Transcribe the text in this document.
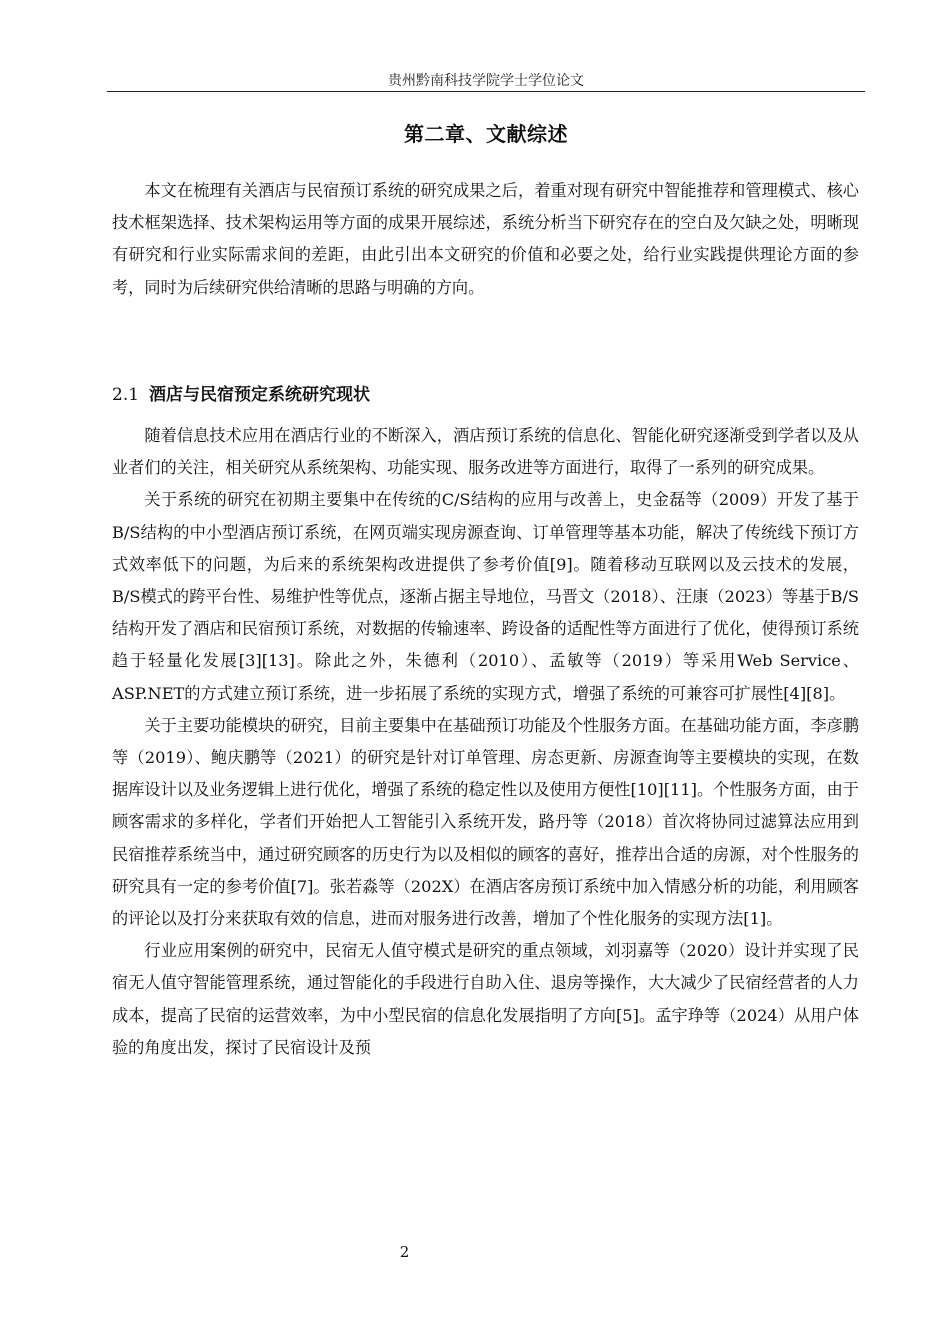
贵州黔南科技学院学士学位论文
第二章、文献综述

本文在梳理有关酒店与民宿预订系统的研究成果之后，着重对现有研究中智能推荐和管理模式、核心技术框架选择、技术架构运用等方面的成果开展综述，系统分析当下研究存在的空白及欠缺之处，明晰现有研究和行业实际需求间的差距，由此引出本文研究的价值和必要之处，给行业实践提供理论方面的参考，同时为后续研究供给清晰的思路与明确的方向。

2.1 酒店与民宿预定系统研究现状

随着信息技术应用在酒店行业的不断深入，酒店预订系统的信息化、智能化研究逐渐受到学者以及从业者们的关注，相关研究从系统架构、功能实现、服务改进等方面进行，取得了一系列的研究成果。

关于系统的研究在初期主要集中在传统的C/S结构的应用与改善上，史金磊等（2009）开发了基于B/S结构的中小型酒店预订系统，在网页端实现房源查询、订单管理等基本功能，解决了传统线下预订方式效率低下的问题，为后来的系统架构改进提供了参考价值[9]。随着移动互联网以及云技术的发展，B/S模式的跨平台性、易维护性等优点，逐渐占据主导地位，马晋文（2018）、汪康（2023）等基于B/S结构开发了酒店和民宿预订系统，对数据的传输速率、跨设备的适配性等方面进行了优化，使得预订系统趋于轻量化发展[3][13]。除此之外，朱德利（2010）、孟敏等（2019）等采用Web Service、ASP.NET的方式建立预订系统，进一步拓展了系统的实现方式，增强了系统的可兼容可扩展性[4][8]。

关于主要功能模块的研究，目前主要集中在基础预订功能及个性服务方面。在基础功能方面，李彦鹏等（2019）、鲍庆鹏等（2021）的研究是针对订单管理、房态更新、房源查询等主要模块的实现，在数据库设计以及业务逻辑上进行优化，增强了系统的稳定性以及使用方便性[10][11]。个性服务方面，由于顾客需求的多样化，学者们开始把人工智能引入系统开发，路丹等（2018）首次将协同过滤算法应用到民宿推荐系统当中，通过研究顾客的历史行为以及相似的顾客的喜好，推荐出合适的房源，对个性服务的研究具有一定的参考价值[7]。张若淼等（202X）在酒店客房预订系统中加入情感分析的功能，利用顾客的评论以及打分来获取有效的信息，进而对服务进行改善，增加了个性化服务的实现方法[1]。

行业应用案例的研究中，民宿无人值守模式是研究的重点领域，刘羽嘉等（2020）设计并实现了民宿无人值守智能管理系统，通过智能化的手段进行自助入住、退房等操作，大大减少了民宿经营者的人力成本，提高了民宿的运营效率，为中小型民宿的信息化发展指明了方向[5]。孟宇琤等（2024）从用户体验的角度出发，探讨了民宿设计及预

2
